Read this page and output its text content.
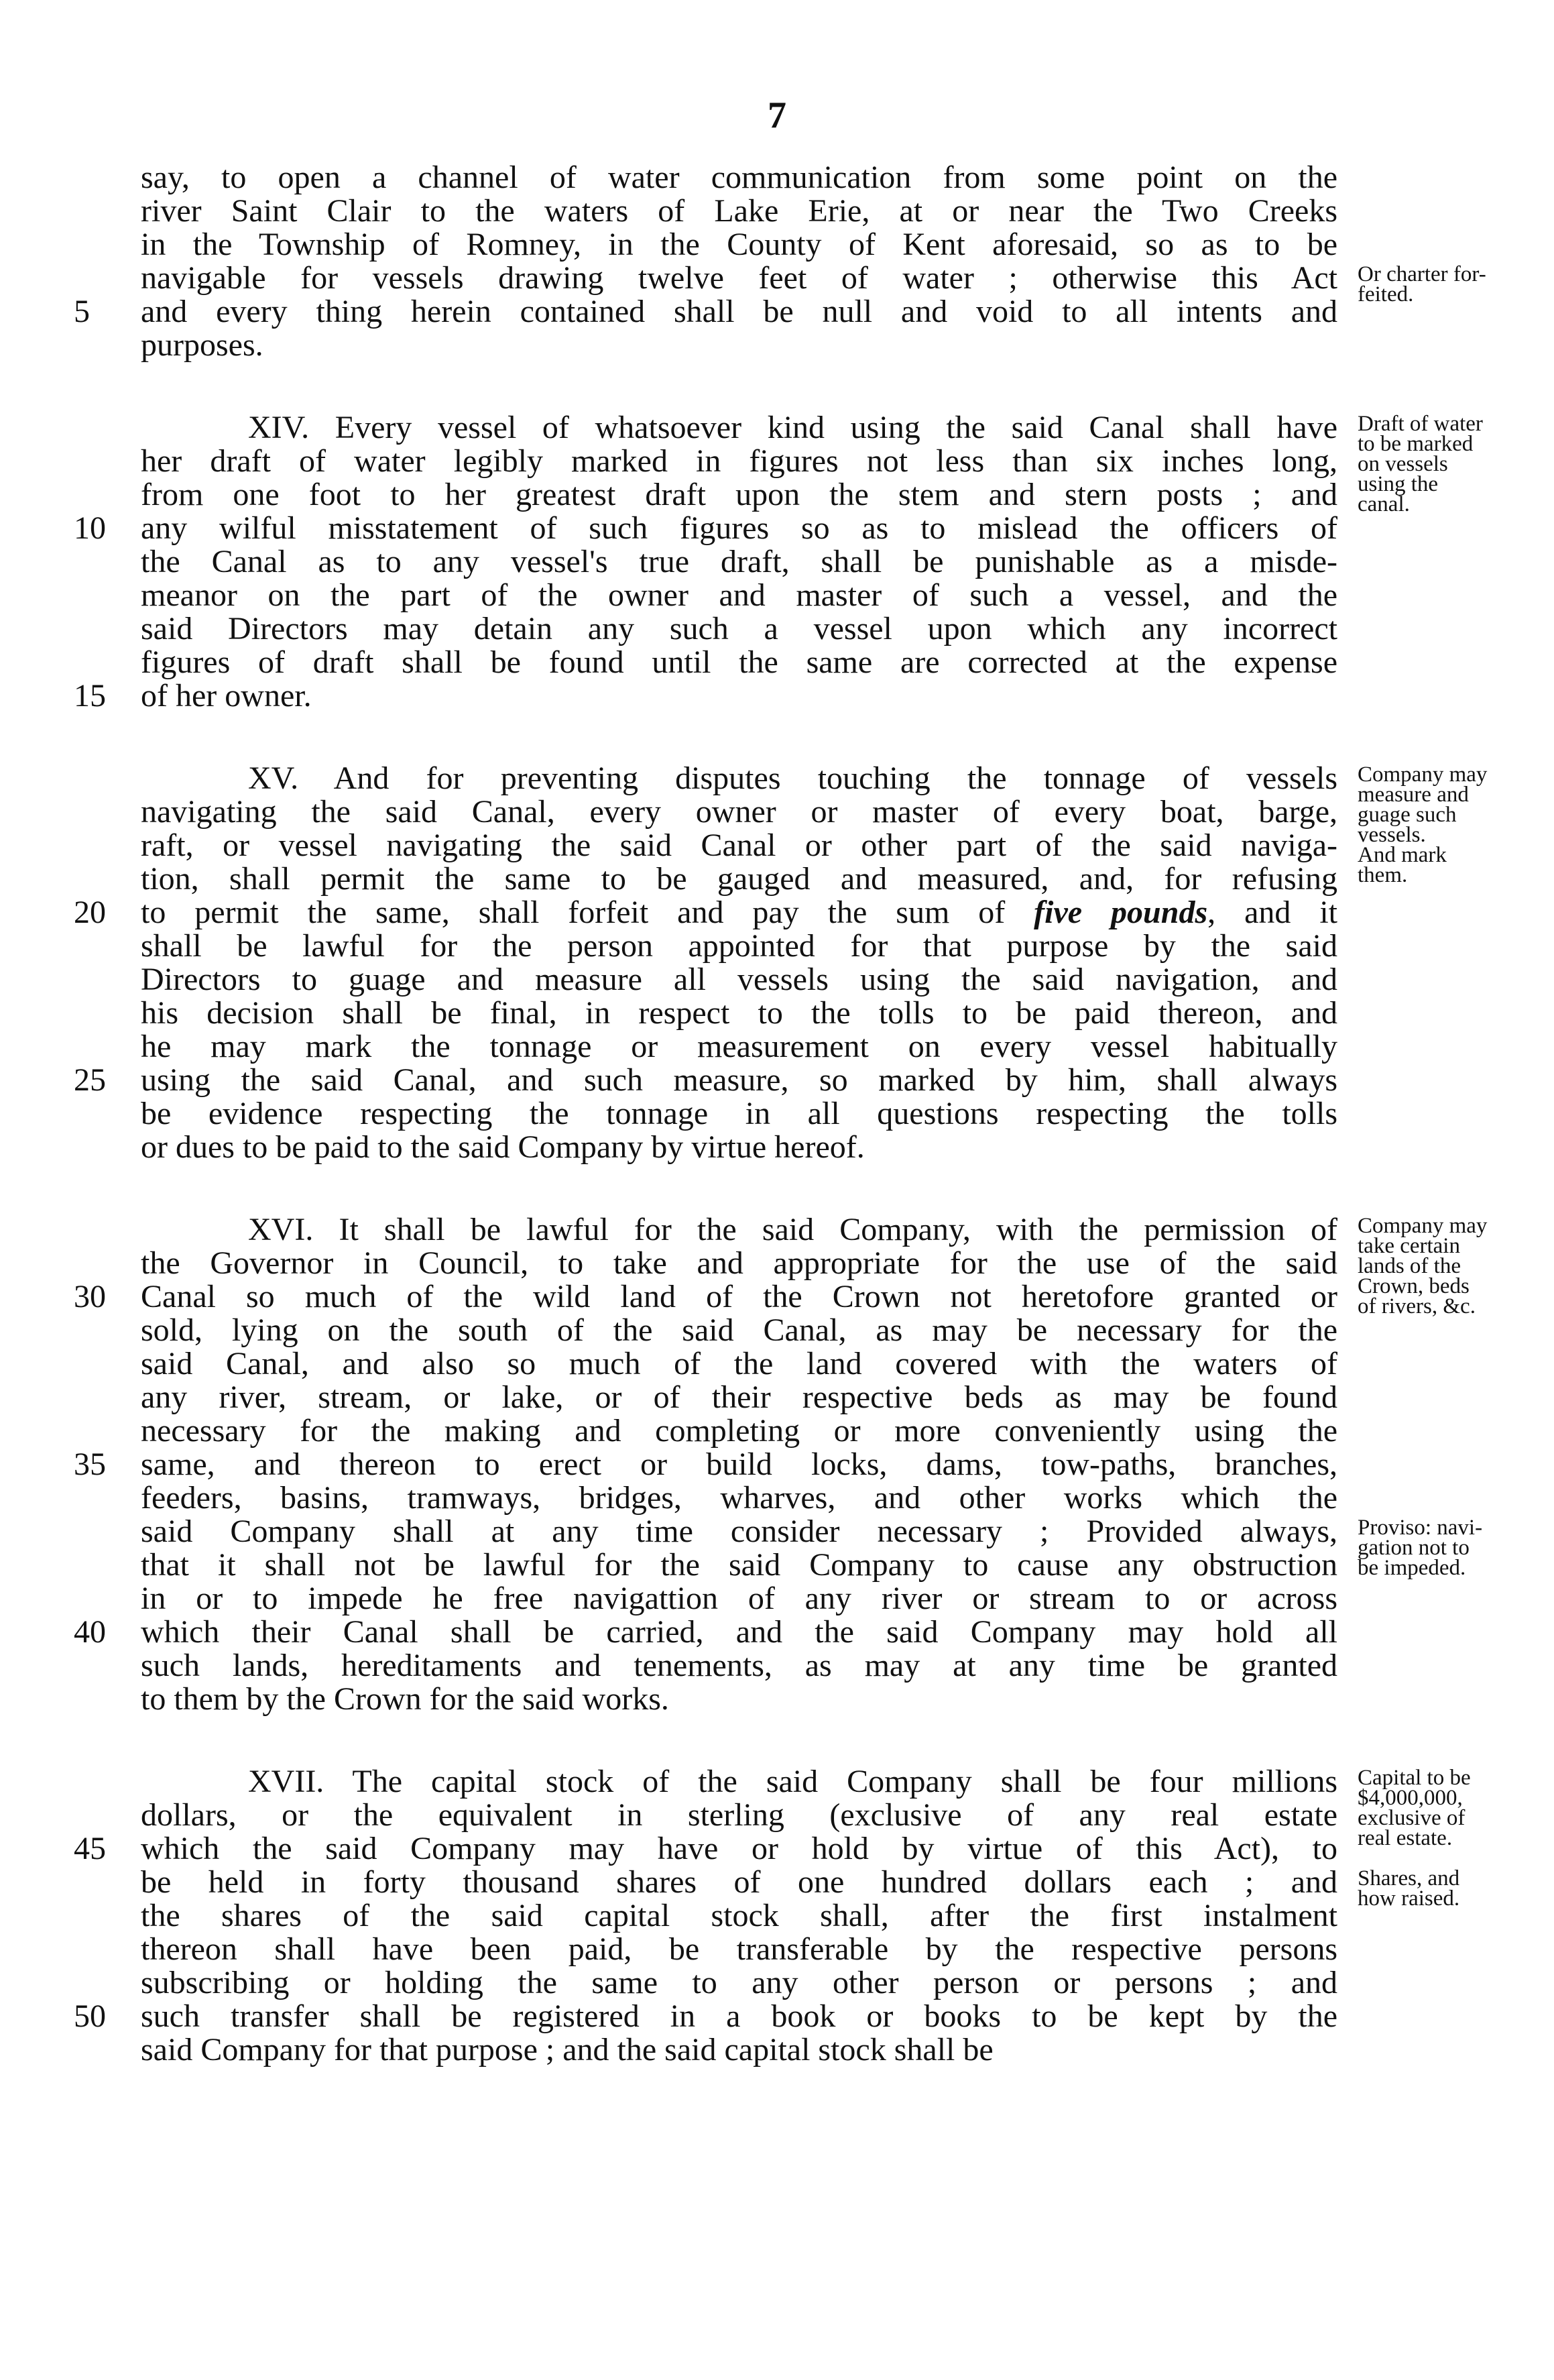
7
say, to open a channel of water communication from some point on the
river Saint Clair to the waters of Lake Erie, at or near the Two Creeks
in the Township of Romney, in the County of Kent aforesaid, so as to be
navigable for vessels drawing twelve feet of water ; otherwise this Act Or charter for-
feited.
5	and every thing herein contained shall be null and void to all intents and
purposes.
XIV. Every vessel of whatsoever kind using the said Canal shall have Draft of water
to be marked
on vessels
using the
canal.
her draft of water legibly marked in figures not less than six inches long,
from one foot to her greatest draft upon the stem and stern posts ; and
10	any wilful misstatement of such figures so as to mislead the officers of
the Canal as to any vessel's true draft, shall be punishable as a misde-
meanor on the part of the owner and master of such a vessel, and the
said Directors may detain any such a vessel upon which any incorrect
figures of draft shall be found until the same are corrected at the expense
15	of her owner.
XV. And for preventing disputes touching the tonnage of vessels Company may
measure and
guage such
vessels.
And mark
them.
navigating the said Canal, every owner or master of every boat, barge,
raft, or vessel navigating the said Canal or other part of the said naviga-
tion, shall permit the same to be gauged and measured, and, for refusing
20	to permit the same, shall forfeit and pay the sum of five pounds, and it
shall be lawful for the person appointed for that purpose by the said
Directors to guage and measure all vessels using the said navigation, and
his decision shall be final, in respect to the tolls to be paid thereon, and
he may mark the tonnage or measurement on every vessel habitually
25	using the said Canal, and such measure, so marked by him, shall always
be evidence respecting the tonnage in all questions respecting the tolls
or dues to be paid to the said Company by virtue hereof.
XVI. It shall be lawful for the said Company, with the permission of Company may
take certain
lands of the
Crown, beds
of rivers, &c.
the Governor in Council, to take and appropriate for the use of the said
30	Canal so much of the wild land of the Crown not heretofore granted or
sold, lying on the south of the said Canal, as may be necessary for the
said Canal, and also so much of the land covered with the waters of
any river, stream, or lake, or of their respective beds as may be found
necessary for the making and completing or more conveniently using the
35	same, and thereon to erect or build locks, dams, tow-paths, branches,
feeders, basins, tramways, bridges, wharves, and other works which the
said Company shall at any time consider necessary ; Provided always, Proviso: navi-
gation not to
be impeded.
that it shall not be lawful for the said Company to cause any obstruction
in or to impede he free navigattion of any river or stream to or across
40	which their Canal shall be carried, and the said Company may hold all
such lands, hereditaments and tenements, as may at any time be granted
to them by the Crown for the said works.
XVII. The capital stock of the said Company shall be four millions Capital to be
$4,000,000,
exclusive of
real estate.
dollars, or the equivalent in sterling (exclusive of any real estate
45	which the said Company may have or hold by virtue of this Act), to
be held in forty thousand shares of one hundred dollars each ; and Shares, and
how raised.
the shares of the said capital stock shall, after the first instalment
thereon shall have been paid, be transferable by the respective persons
subscribing or holding the same to any other person or persons ; and
50	such transfer shall be registered in a book or books to be kept by the
said Company for that purpose ; and the said capital stock shall be
